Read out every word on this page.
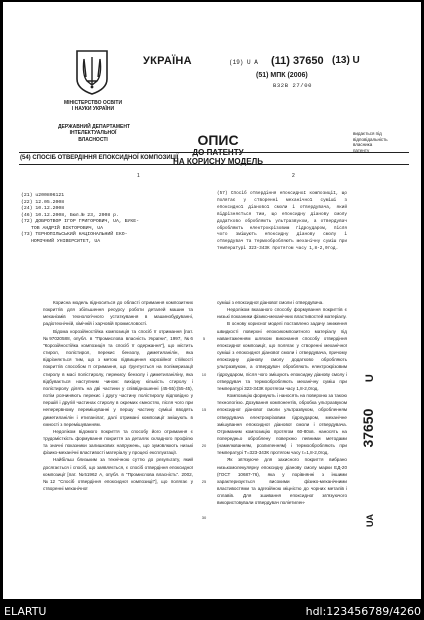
УКРАЇНА
МІНІСТЕРСТВО ОСВІТИ
І НАУКИ УКРАЇНИ
ДЕРЖАВНИЙ ДЕПАРТАМЕНТ
ІНТЕЛЕКТУАЛЬНОЇ
ВЛАСНОСТІ
(19) U A (11) 37650 (13) U
(51) МПК (2006)
B32B 27/00
видається під
відповідальність
власника
патенту
ОПИС
ДО ПАТЕНТУ
НА КОРИСНУ МОДЕЛЬ
(54) СПОСІБ ОТВЕРДІННЯ ЕПОКСИДНОЇ КОМПОЗИЦІЇ
1	2
(21) u200806121
(22) 12.05.2008
(24) 10.12.2008
(46) 10.12.2008, Бюл.№ 23, 2008 р.
(72) ДОБРОТВОР ІГОР ГРИГОРОВИЧ, UA, БУКЕ-
ТОВ АНДРІЙ ВІКТОРОВИЧ, UA
(73) ТЕРНОПІЛЬСЬКИЙ НАЦІОНАЛЬНИЙ ЕКО-
НОМІЧНИЙ УНІВЕРСИТЕТ, UA
(57) Спосіб отвердіння епоксидної композиції, що полягає у створенні механічної суміші з епоксидної діанової смоли і отвердувача, який відрізняється тим, що епоксидну діанову смолу додатково обробляють ультразвуком, а отвердувач обробляють електрокрізовим гідроударом, після чого змішують епоксидну діанову смолу і отвердувач та термообробляють механічну суміш при температурі 323-343К протягом часу 1,8-2,0год.

Корисна модель відноситься до області отримання композитних покриттів для збільшення ресурсу роботи деталей машин та механізмів технологічного устаткування в машинобудуванні, радіотехнічній, хімічній і харчовій промисловості.

Відома корозійностійка композиція та спосіб її отримання [пат. №97020588, опубл. в "Промислова власність України", 1997, №6 "Корозійностійка композиція та спосіб її одержання"], що містить стирол, полістирол, перекис бензолу, диметиланілін, яка відрізняється тим, що з метою підвищення корозійної стійкості покриттів способом її отримання, що ґрунтується на полімеризації стиролу в масі полістиролу, перекису бензолу і диметиланіліну, яка відбувається наступним чином: вихідну кількість стиролу і полістиролу ділять на дві частини у співвідношенні (45-55):(55-45), потім розчиняють перекис і другу частину полістиролу відповідно у першій і другій частинах стиролу в окремих ємностях, після чого при неперервному перемішуванні у першу частину суміші вводять диметиланілін і етиланілат, далі отримані композиції змішують в ємності з перемішуванням.

Недоліком відомого покриття та способу його отримання є трудомісткість формування покриття за деталях складного профілю та значні показники залишкових напружень, що зумовлюють низькі фізико-механічні властивості матеріалу у процесі експлуатації.

Найбільш близьким за технічною суттю до результату, який досягається і спосіб, що заявляється, є спосіб отвердіння епоксидної композиції [пат. №51962 А, опубл. в "Промислова власність". 2002, №12 "Спосіб отвердіння епоксидної композиції"], що полягає у створенні механічної

5
10
15
20
25
30

суміші з епоксидної діанової смоли і отвердувача.

Недоліком вказаного способу формування покриттів є низькі показники фізико-механічних властивостей матеріалу.

В основу корисної моделі поставлено задачу зниження швидкості поверхні епоксикомпозитного матеріалу під навантаженням шляхом виконання способу отвердіння епоксидної композиції, що полягає у створенні механічної суміші з епоксидної діанової смоли і отвердувача, причому епоксидну діанову смолу додатково обробляють ультразвуком, а отвердувач обробляють електрокрізовим гідроударом, після чого змішують епоксидну діанову смолу і отвердувач та термообробляють механічну суміш при температурі 323-343К протягом часу 1,8-2,0год.

Композицію формують і наносять на поверхню за такою технологією. Дозування компонентів, обробка ультразвуком епоксидної діанової смоли ультразвуком, обробленням отвердувача електрокрізовим гідроударом, механічне змішування епоксидної діанової смоли і отвердувача. Отриманим композицію протягом 60-80хв. наносять на попередньо оброблену поверхню певними методами (намелюванням, розпиленням) і термообробляють при температурі T=323-343К протягом часу τ=1,8-2,0год.

Як зв'язуюче для захисного покриття вибрано низькомолекулярну епоксидну діанову смолу марки ЕД-20 (ГОСТ 10687-76), яка у порівнянні з іншими характеризується високими фізико-механічними властивостями та адгезійною міцністю до чорних металів і сплавів. Для зшивання епоксидної зв'язуючого використовували отвердувач поліетилен-

UA 37650 U
ELARTU	hdl:123456789/4260
